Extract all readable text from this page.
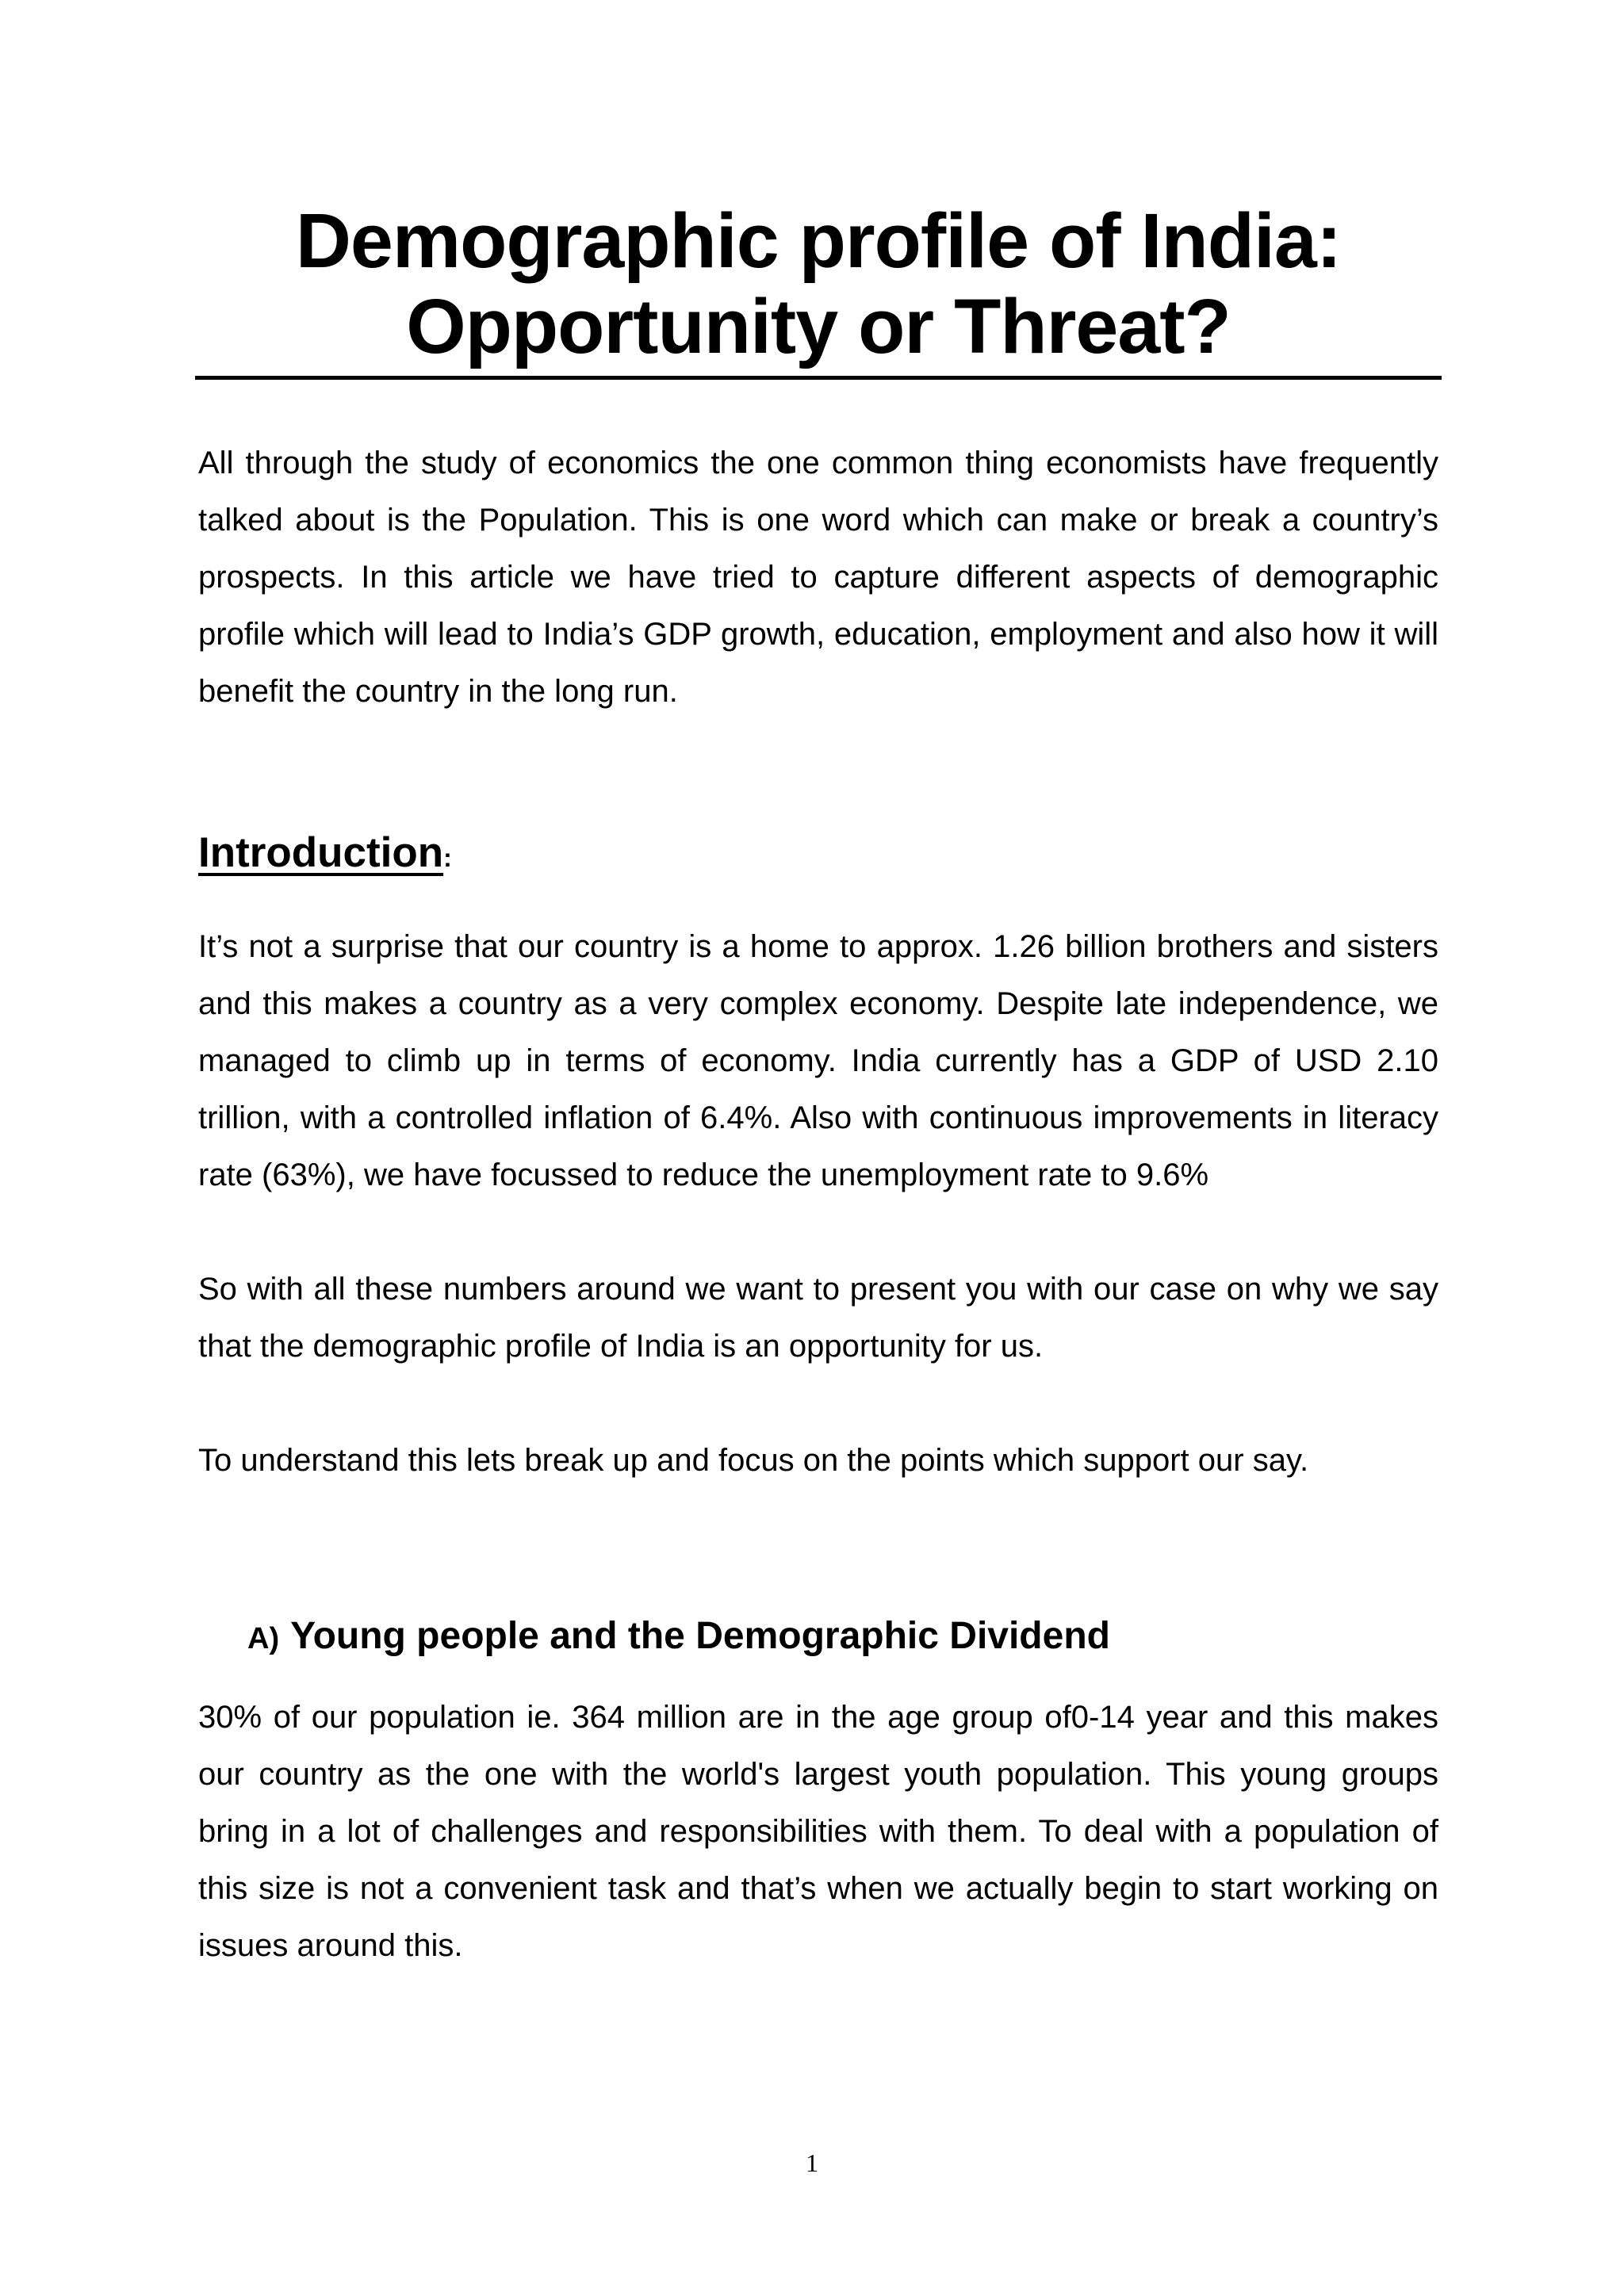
Demographic profile of India:
Opportunity or Threat?

All through the study of economics the one common thing economists have frequently talked about is the Population. This is one word which can make or break a country’s prospects. In this article we have tried to capture different aspects of demographic profile which will lead to India’s GDP growth, education, employment and also how it will benefit the country in the long run.

Introduction:

It’s not a surprise that our country is a home to approx. 1.26 billion brothers and sisters and this makes a country as a very complex economy. Despite late independence, we managed to climb up in terms of economy. India currently has a GDP of USD 2.10 trillion, with a controlled inflation of 6.4%. Also with continuous improvements in literacy rate (63%), we have focussed to reduce the unemployment rate to 9.6%

So with all these numbers around we want to present you with our case on why we say that the demographic profile of India is an opportunity for us.

To understand this lets break up and focus on the points which support our say.

A) Young people and the Demographic Dividend

30% of our population ie. 364 million are in the age group of0-14 year and this makes our country as the one with the world's largest youth population. This young groups bring in a lot of challenges and responsibilities with them. To deal with a population of this size is not a convenient task and that’s when we actually begin to start working on issues around this.

1
